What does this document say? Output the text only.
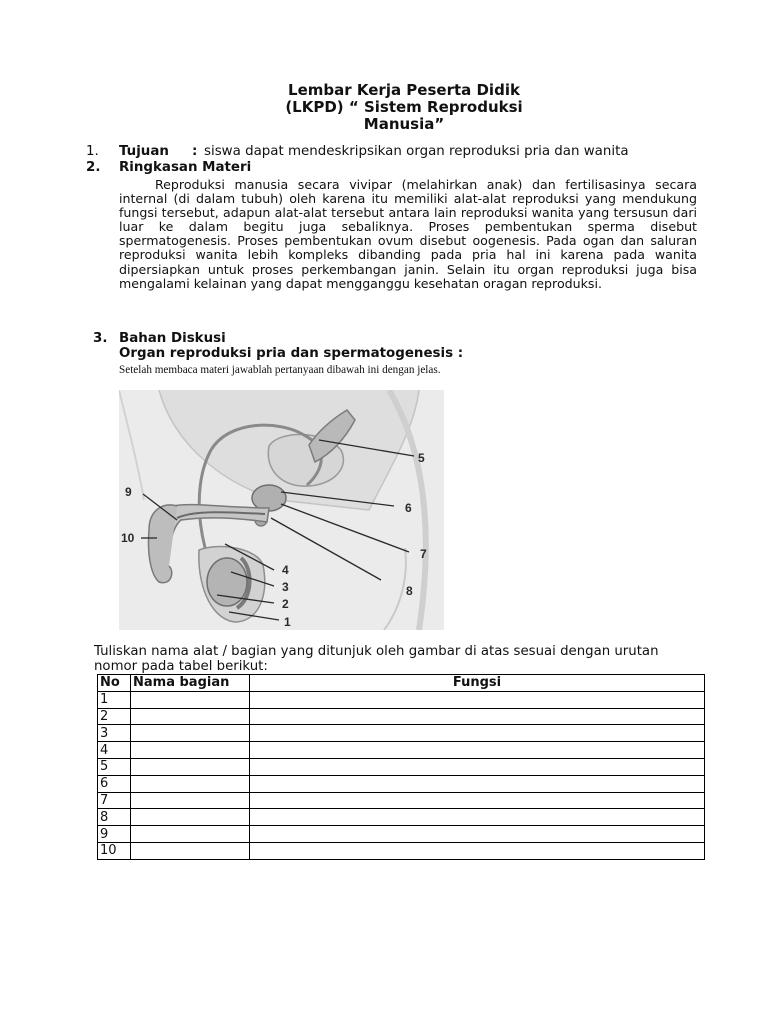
Lembar Kerja Peserta Didik
(LKPD) “ Sistem Reproduksi
Manusia”
1. Tujuan : siswa dapat mendeskripsikan organ reproduksi pria dan wanita
2. Ringkasan Materi

Reproduksi manusia secara vivipar (melahirkan anak) dan fertilisasinya secara internal (di dalam tubuh) oleh karena itu memiliki alat-alat reproduksi yang mendukung fungsi tersebut, adapun alat-alat tersebut antara lain reproduksi wanita yang tersusun dari luar ke dalam begitu juga sebaliknya. Proses pembentukan sperma disebut spermatogenesis. Proses pembentukan ovum disebut oogenesis. Pada ogan dan saluran reproduksi wanita lebih kompleks dibanding pada pria hal ini karena pada wanita dipersiapkan untuk proses perkembangan janin. Selain itu organ reproduksi juga bisa mengalami kelainan yang dapat mengganggu kesehatan oragan reproduksi.

3. Bahan Diskusi
Organ reproduksi pria dan spermatogenesis :
Setelah membaca materi jawablah pertanyaan dibawah ini dengan jelas.
1
2
3
4
5
6
7
8
9
10
Tuliskan nama alat / bagian yang ditunjuk oleh gambar di atas sesuai dengan urutan nomor pada tabel berikut:
No	Nama bagian	Fungsi
1		
2		
3		
4		
5		
6		
7		
8		
9		
10		
